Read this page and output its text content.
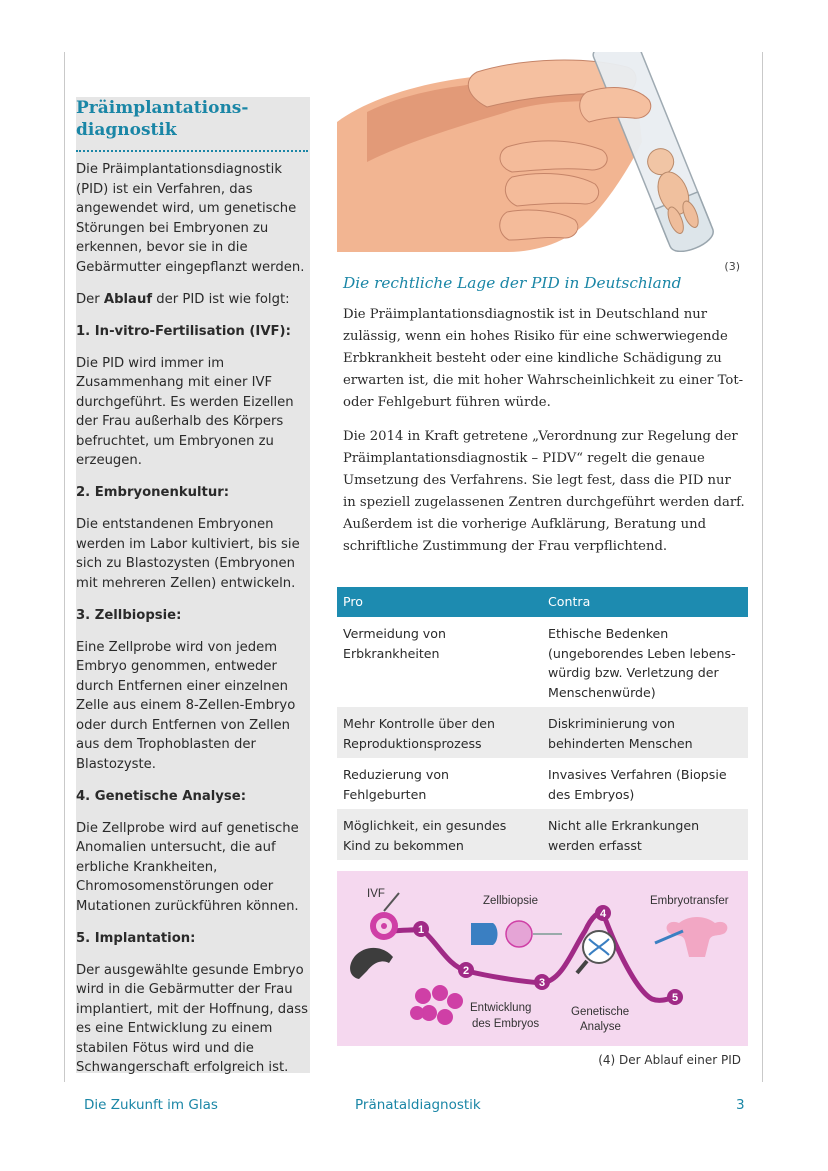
Präimplantations-
diagnostik

Die Präimplantationsdiagnostik (PID) ist ein Verfahren, das angewendet wird, um genetische Störungen bei Embryonen zu erkennen, bevor sie in die Gebärmutter eingepflanzt werden.

Der Ablauf der PID ist wie folgt:

1. In-vitro-Fertilisation (IVF):

Die PID wird immer im Zusammenhang mit einer IVF durchgeführt. Es werden Eizellen der Frau außerhalb des Körpers befruchtet, um Embryonen zu erzeugen.

2. Embryonenkultur:

Die entstandenen Embryonen werden im Labor kultiviert, bis sie sich zu Blastozysten (Embryonen mit mehreren Zellen) entwickeln.

3. Zellbiopsie:

Eine Zellprobe wird von jedem Embryo genommen, entweder durch Entfernen einer einzelnen Zelle aus einem 8-Zellen-Embryo oder durch Entfernen von Zellen aus dem Trophoblasten der Blastozyste.

4. Genetische Analyse:

Die Zellprobe wird auf genetische Anomalien untersucht, die auf erbliche Krankheiten, Chromosomenstörungen oder Mutationen zurückführen können.

5. Implantation:

Der ausgewählte gesunde Embryo wird in die Gebärmutter der Frau implantiert, mit der Hoffnung, dass es eine Entwicklung zu einem stabilen Fötus wird und die Schwangerschaft erfolgreich ist.

(3)
Die rechtliche Lage der PID in Deutschland

Die Präimplantationsdiagnostik ist in Deutschland nur zulässig, wenn ein hohes Risiko für eine schwerwiegende Erbkrankheit besteht oder eine kindliche Schädigung zu erwarten ist, die mit hoher Wahrscheinlichkeit zu einer Tot- oder Fehlgeburt führen würde.

Die 2014 in Kraft getretene „Verordnung zur Regelung der Präimplantationsdiagnostik – PIDV“ regelt die genaue Umsetzung des Verfahrens. Sie legt fest, dass die PID nur in speziell zugelassenen Zentren durchgeführt werden darf. Außerdem ist die vorherige Aufklärung, Beratung und schriftliche Zustimmung der Frau verpflichtend.

Pro	Contra
Vermeidung von Erbkrankheiten	Ethische Bedenken (ungeborendes Leben lebenswürdig bzw. Verletzung der Menschenwürde)
Mehr Kontrolle über den Reproduktionsprozess	Diskriminierung von behinderten Menschen
Reduzierung von Fehlgeburten	Invasives Verfahren (Biopsie des Embryos)
Möglichkeit, ein gesundes Kind zu bekommen	Nicht alle Erkrankungen werden erfasst
IVF
Zellbiopsie
Entwicklung
des Embryos
Genetische
Analyse
Embryotransfer
1
2
3
4
5
(4) Der Ablauf einer PID
Die Zukunft im Glas	Pränataldiagnostik	3
